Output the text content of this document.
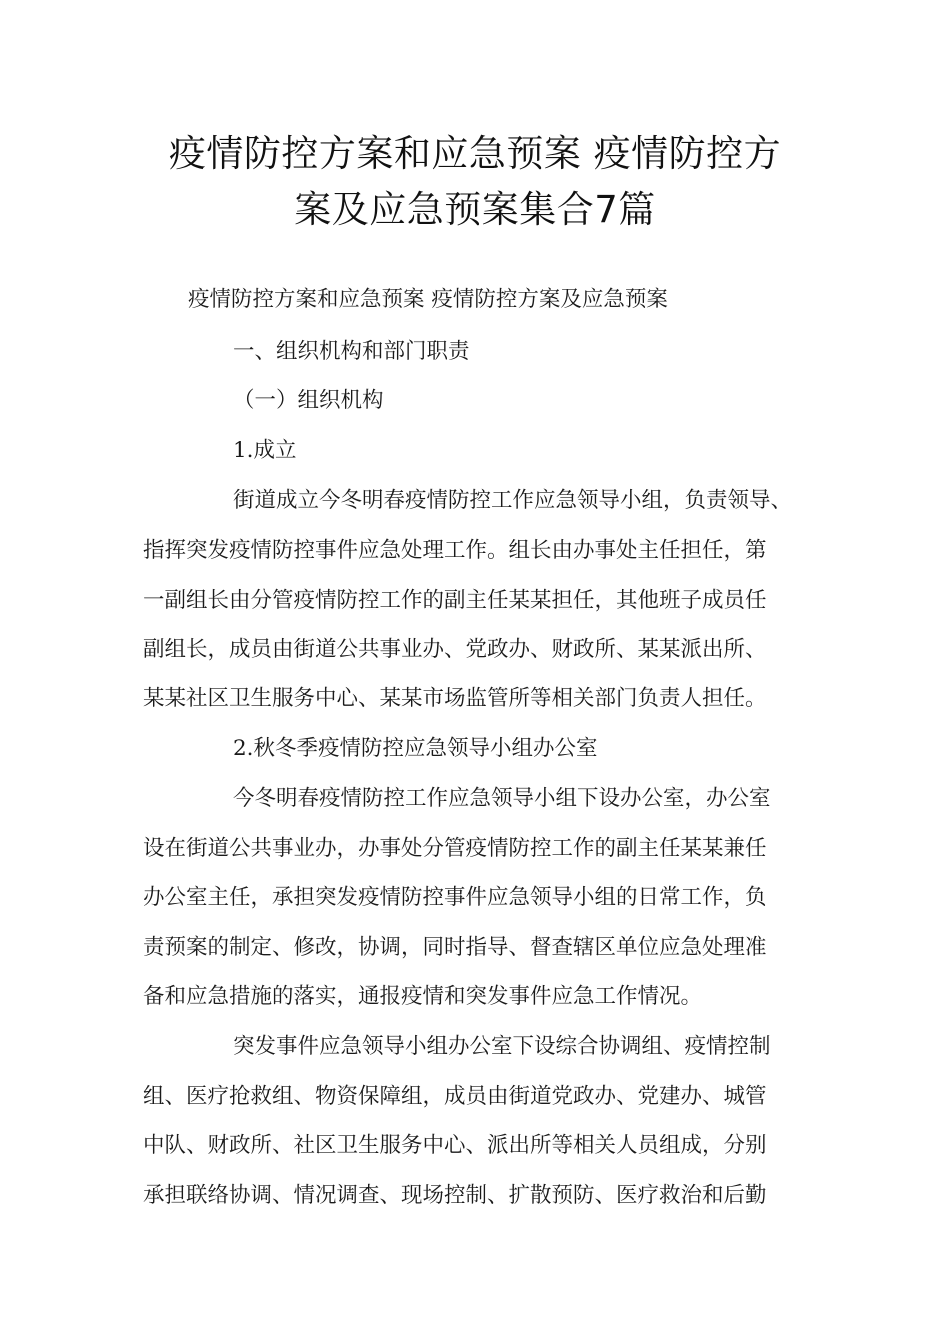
疫情防控方案和应急预案 疫情防控方
案及应急预案集合7篇

疫情防控方案和应急预案 疫情防控方案及应急预案

一、组织机构和部门职责

（一）组织机构

1.成立

街道成立今冬明春疫情防控工作应急领导小组，负责领导、

指挥突发疫情防控事件应急处理工作。组长由办事处主任担任，第

一副组长由分管疫情防控工作的副主任某某担任，其他班子成员任

副组长，成员由街道公共事业办、党政办、财政所、某某派出所、

某某社区卫生服务中心、某某市场监管所等相关部门负责人担任。

2.秋冬季疫情防控应急领导小组办公室

今冬明春疫情防控工作应急领导小组下设办公室，办公室

设在街道公共事业办，办事处分管疫情防控工作的副主任某某兼任

办公室主任，承担突发疫情防控事件应急领导小组的日常工作，负

责预案的制定、修改，协调，同时指导、督查辖区单位应急处理准

备和应急措施的落实，通报疫情和突发事件应急工作情况。

突发事件应急领导小组办公室下设综合协调组、疫情控制

组、医疗抢救组、物资保障组，成员由街道党政办、党建办、城管

中队、财政所、社区卫生服务中心、派出所等相关人员组成，分别

承担联络协调、情况调查、现场控制、扩散预防、医疗救治和后勤
